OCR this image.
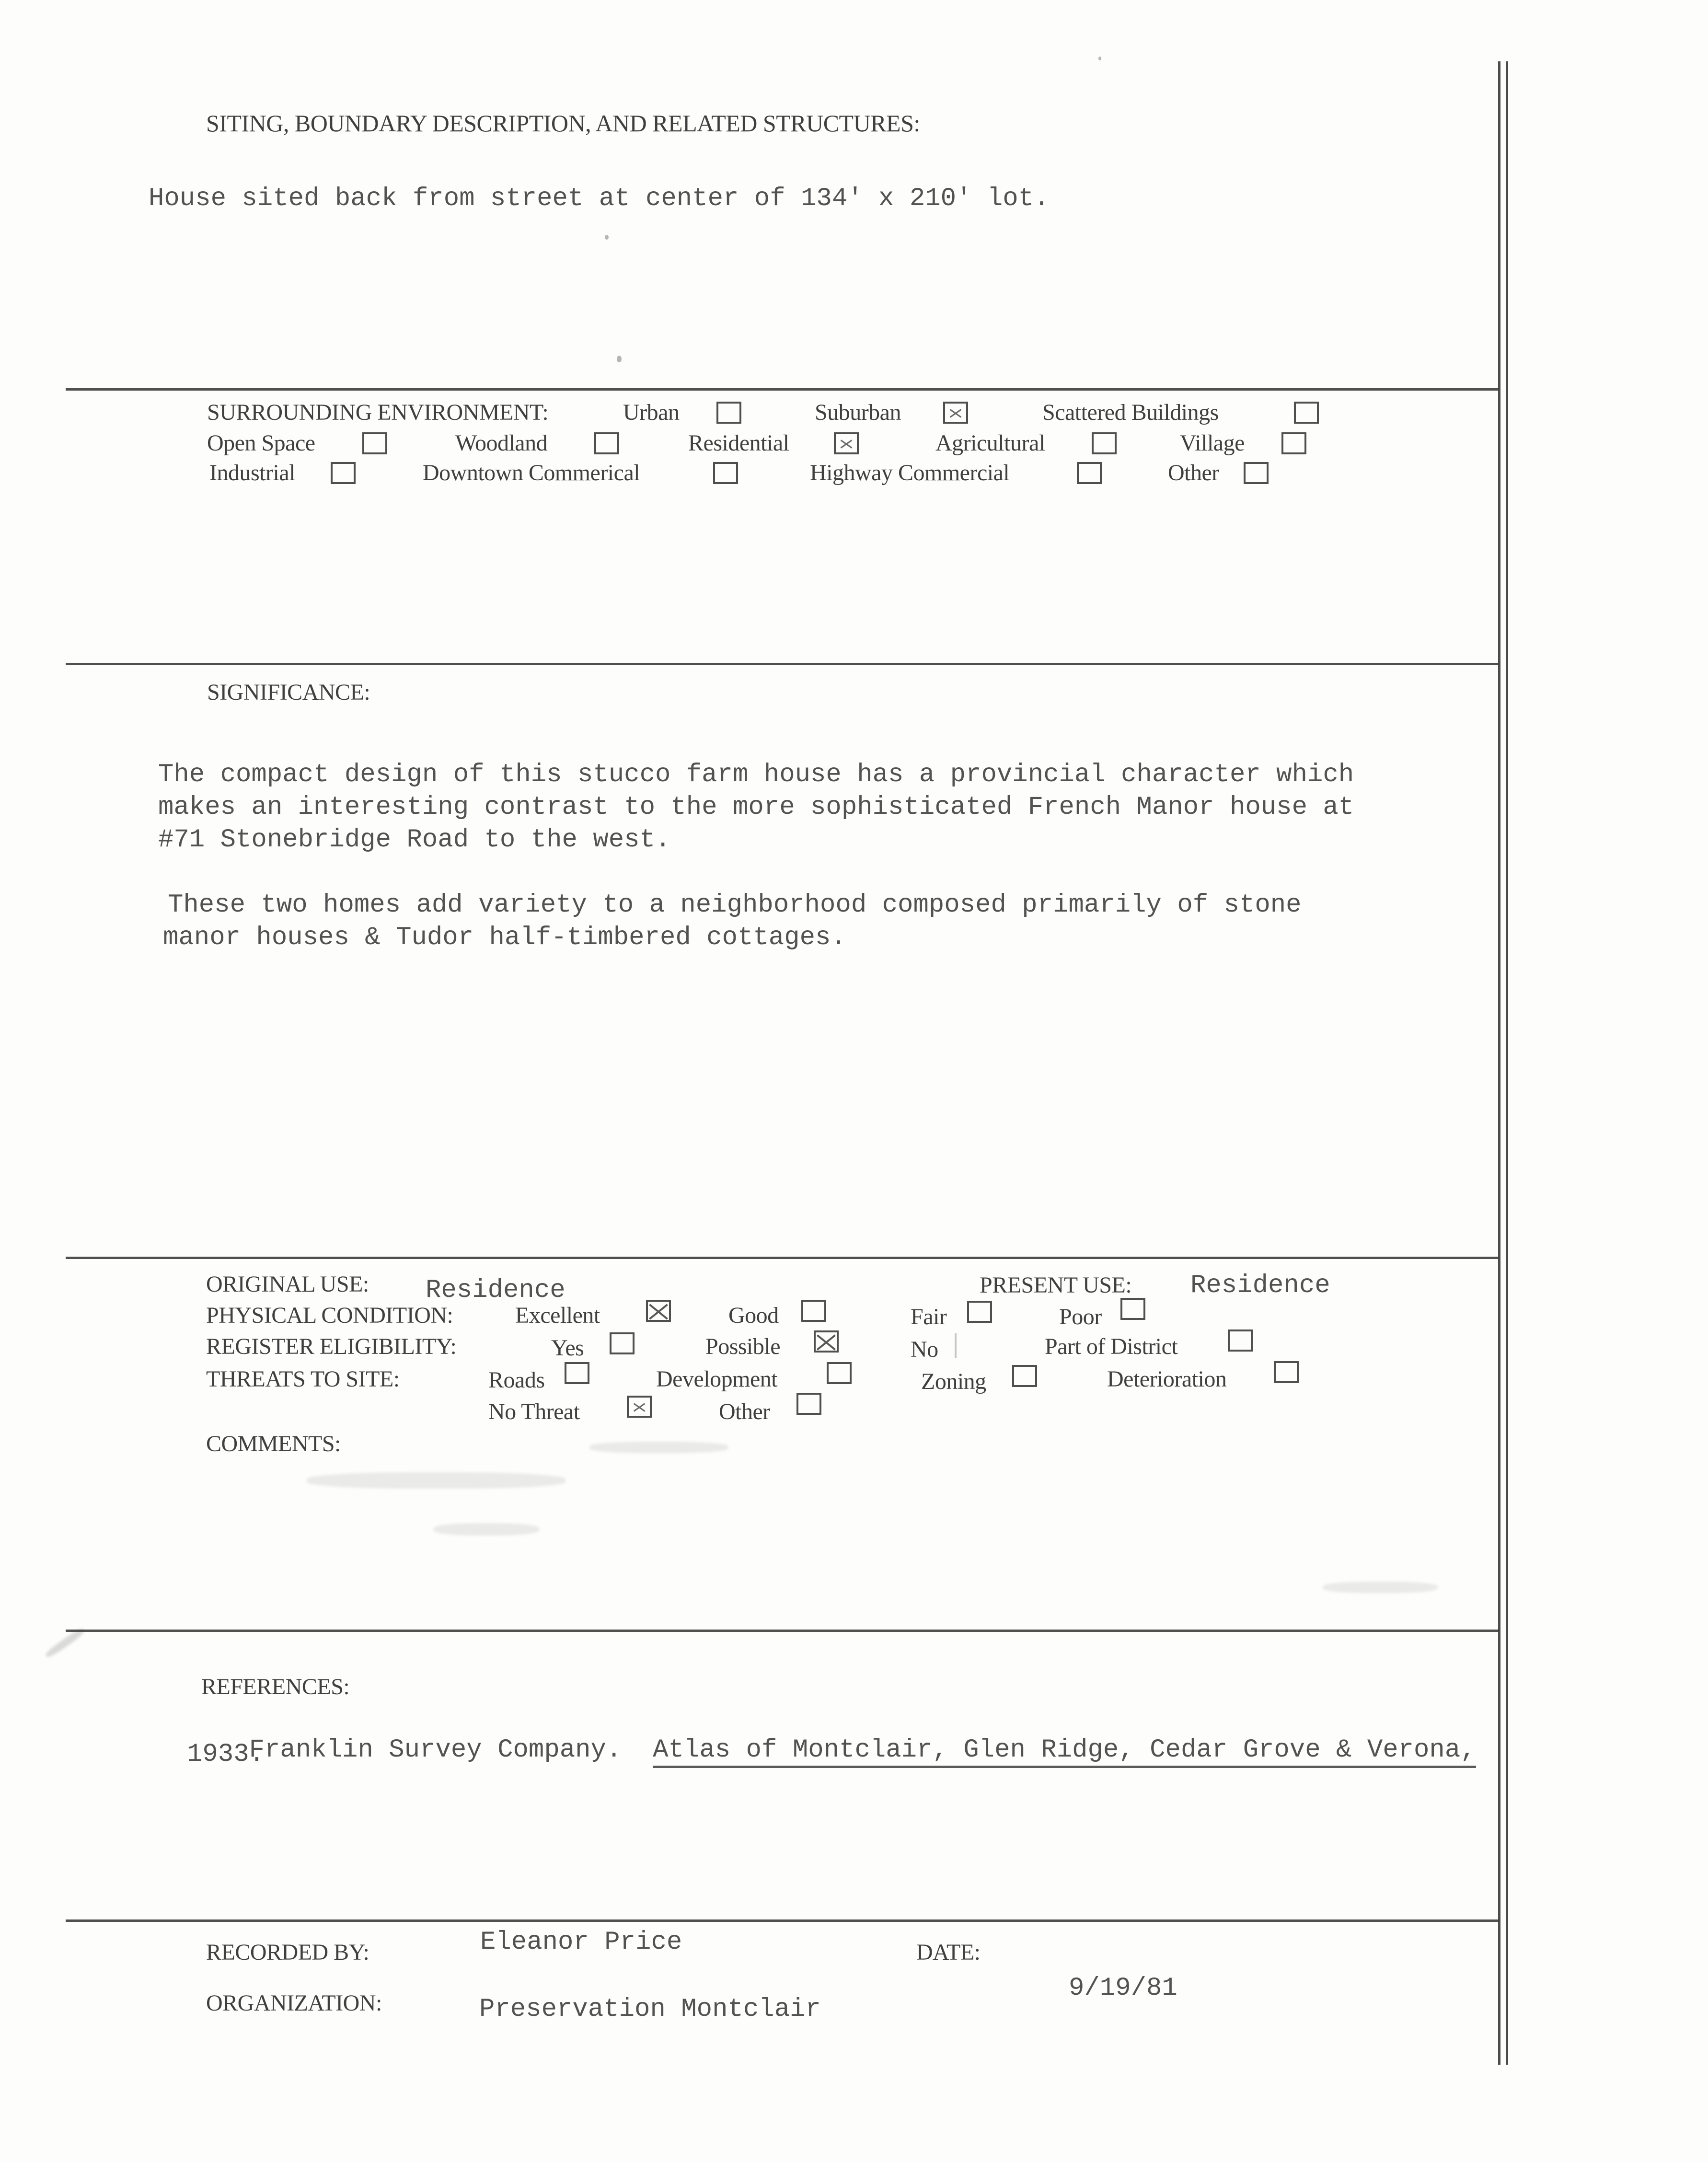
SITING, BOUNDARY DESCRIPTION, AND RELATED STRUCTURES:
House sited back from street at center of 134' x 210' lot.
SURROUNDING ENVIRONMENT:	Urban	Suburban	Scattered Buildings
Open Space	Woodland	Residential	Agricultural	Village
Industrial	Downtown Commerical	Highway Commercial	Other
SIGNIFICANCE:
The compact design of this stucco farm house has a provincial character which
makes an interesting contrast to the more sophisticated French Manor house at
#71 Stonebridge Road to the west.
These two homes add variety to a neighborhood composed primarily of stone
manor houses & Tudor half-timbered cottages.
ORIGINAL USE: Residence	PRESENT USE: Residence
PHYSICAL CONDITION:	Excellent	Good	Fair	Poor
REGISTER ELIGIBILITY:	Yes	Possible	No	Part of District
THREATS TO SITE:	Roads	Development	Zoning	Deterioration
No Threat	Other
COMMENTS:
REFERENCES:

Franklin Survey Company.  Atlas of Montclair, Glen Ridge, Cedar Grove & Verona,

1933.
RECORDED BY:	Eleanor Price	DATE:
9/19/81
ORGANIZATION:	Preservation Montclair
